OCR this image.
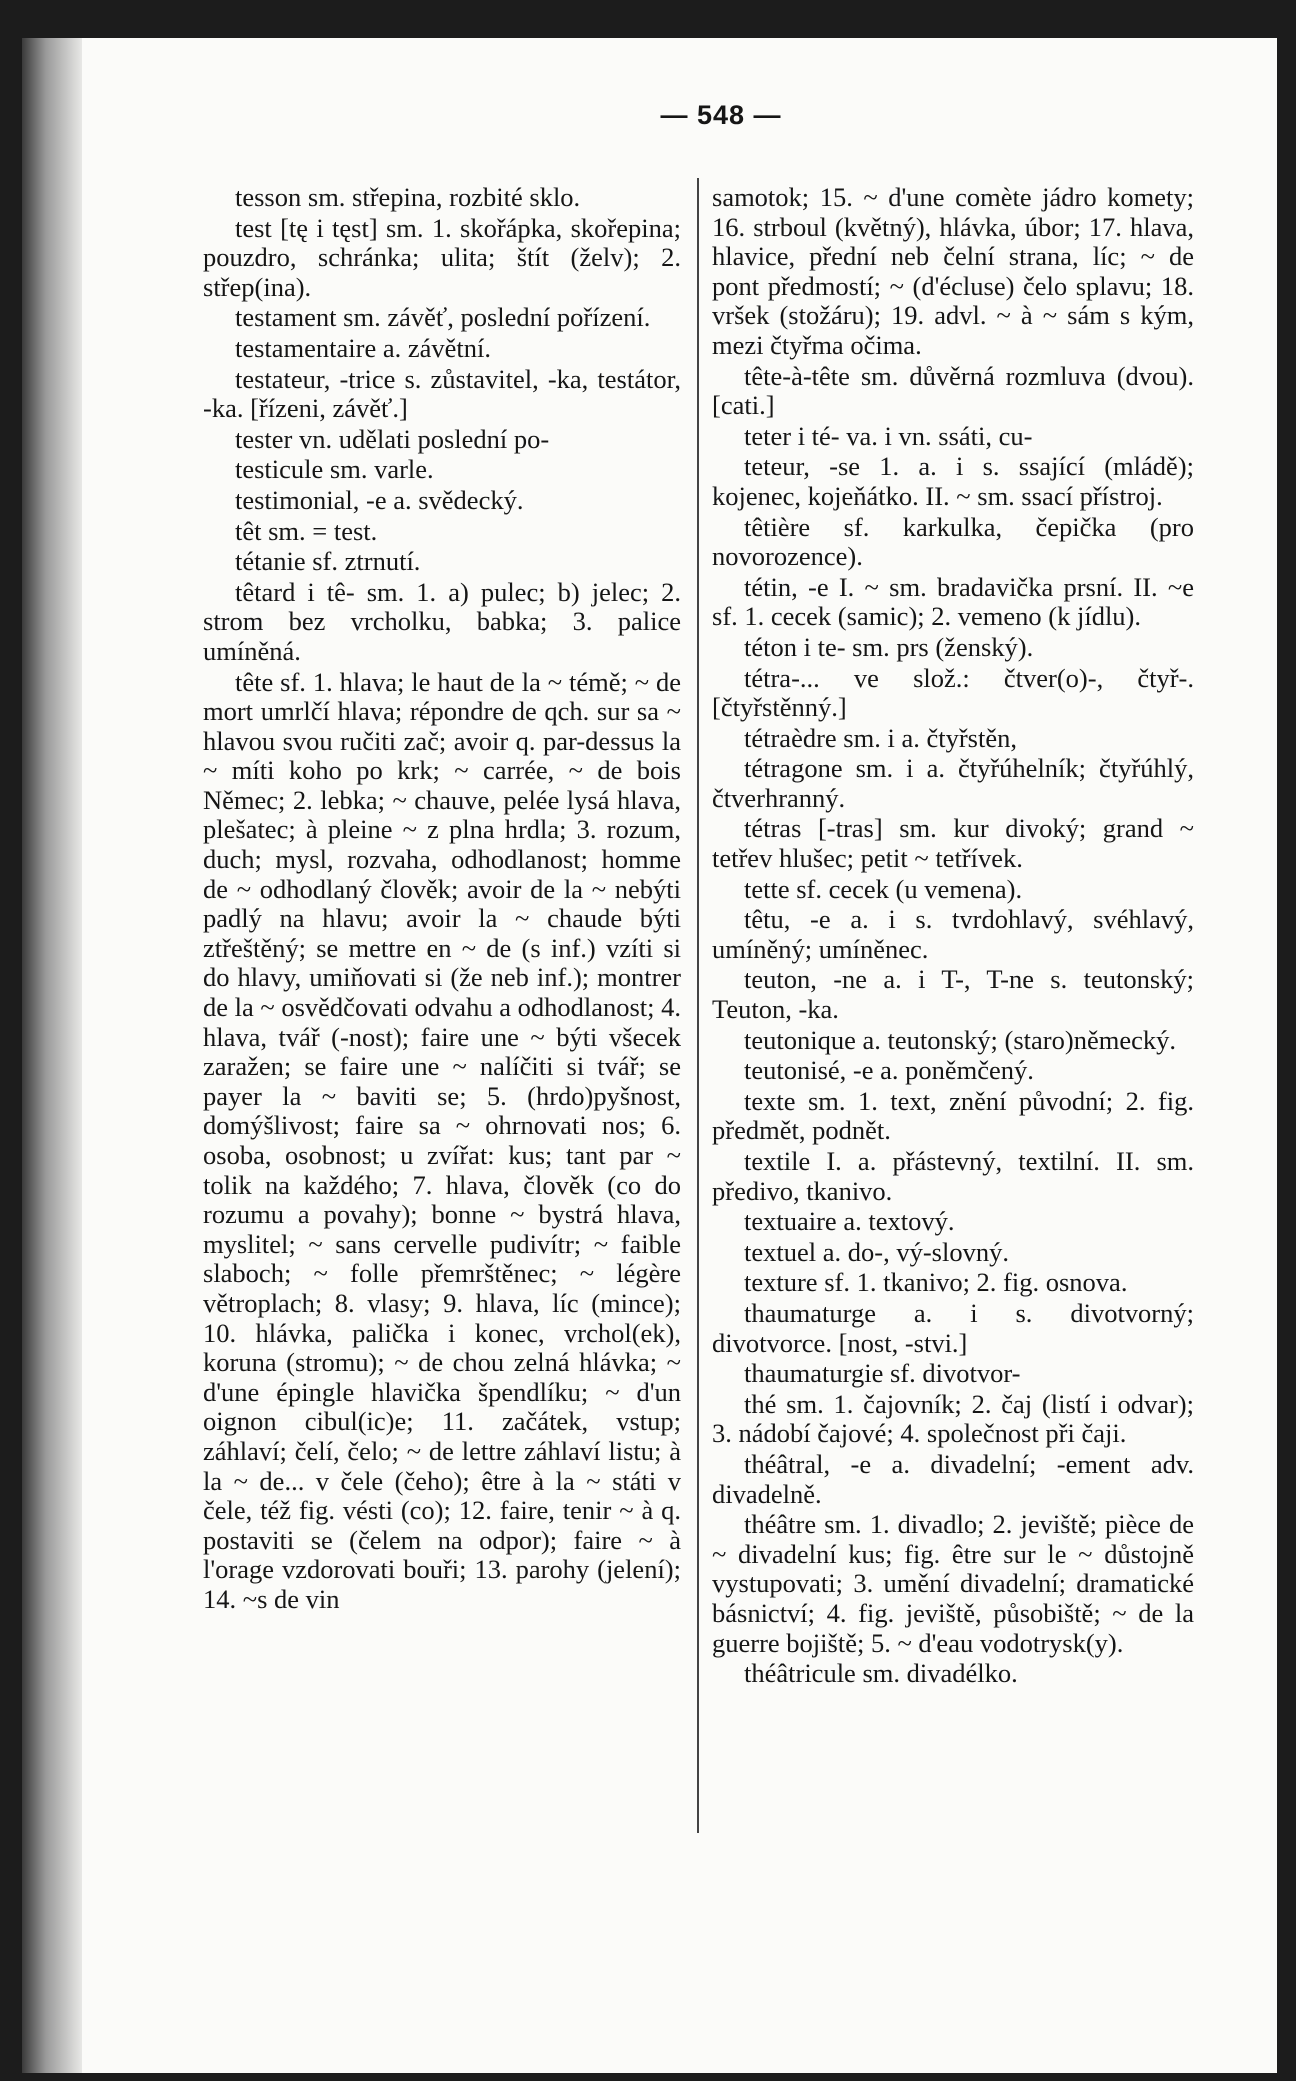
— 548 —

tesson sm. střepina, rozbité sklo.

test [tę i tęst] sm. 1. skořápka, skořepina; pouzdro, schránka; ulita; štít (želv); 2. střep(ina).

testament sm. závěť, poslední pořízení.

testamentaire a. závětní.

testateur, -trice s. zůstavitel, -ka, testátor, -ka. [řízeni, závěť.]

tester vn. udělati poslední po-

testicule sm. varle.

testimonial, -e a. svědecký.

têt sm. = test.

tétanie sf. ztrnutí.

têtard i tê- sm. 1. a) pulec; b) jelec; 2. strom bez vrcholku, babka; 3. palice umíněná.

tête sf. 1. hlava; le haut de la ~ témě; ~ de mort umrlčí hlava; répondre de qch. sur sa ~ hlavou svou ručiti zač; avoir q. par-dessus la ~ míti koho po krk; ~ carrée, ~ de bois Němec; 2. lebka; ~ chauve, pelée lysá hlava, plešatec; à pleine ~ z plna hrdla; 3. rozum, duch; mysl, rozvaha, odhodlanost; homme de ~ odhodlaný člověk; avoir de la ~ nebýti padlý na hlavu; avoir la ~ chaude býti ztřeštěný; se mettre en ~ de (s inf.) vzíti si do hlavy, umiňovati si (že neb inf.); montrer de la ~ osvědčovati odvahu a odhodlanost; 4. hlava, tvář (-nost); faire une ~ býti všecek zaražen; se faire une ~ nalíčiti si tvář; se payer la ~ baviti se; 5. (hrdo)pyšnost, domýšlivost; faire sa ~ ohrnovati nos; 6. osoba, osobnost; u zvířat: kus; tant par ~ tolik na každého; 7. hlava, člověk (co do rozumu a povahy); bonne ~ bystrá hlava, myslitel; ~ sans cervelle pudivítr; ~ faible slaboch; ~ folle přemrštěnec; ~ légère větroplach; 8. vlasy; 9. hlava, líc (mince); 10. hlávka, palička i konec, vrchol(ek), koruna (stromu); ~ de chou zelná hlávka; ~ d'une épingle hlavička špendlíku; ~ d'un oignon cibul(ic)e; 11. začátek, vstup; záhlaví; čelí, čelo; ~ de lettre záhlaví listu; à la ~ de... v čele (čeho); être à la ~ státi v čele, též fig. vésti (co); 12. faire, tenir ~ à q. postaviti se (čelem na odpor); faire ~ à l'orage vzdorovati bouři; 13. parohy (jelení); 14. ~s de vin

samotok; 15. ~ d'une comète jádro komety; 16. strboul (květný), hlávka, úbor; 17. hlava, hlavice, přední neb čelní strana, líc; ~ de pont předmostí; ~ (d'écluse) čelo splavu; 18. vršek (stožáru); 19. advl. ~ à ~ sám s kým, mezi čtyřma očima.

tête-à-tête sm. důvěrná rozmluva (dvou). [cati.]

teter i té- va. i vn. ssáti, cu-

teteur, -se 1. a. i s. ssající (mládě); kojenec, kojeňátko. II. ~ sm. ssací přístroj.

têtière sf. karkulka, čepička (pro novorozence).

tétin, -e I. ~ sm. bradavička prsní. II. ~e sf. 1. cecek (samic); 2. vemeno (k jídlu).

téton i te- sm. prs (ženský).

tétra-... ve slož.: čtver(o)-, čtyř-. [čtyřstěnný.]

tétraèdre sm. i a. čtyřstěn,

tétragone sm. i a. čtyřúhelník; čtyřúhlý, čtverhranný.

tétras [-tras] sm. kur divoký; grand ~ tetřev hlušec; petit ~ tetřívek.

tette sf. cecek (u vemena).

têtu, -e a. i s. tvrdohlavý, svéhlavý, umíněný; umíněnec.

teuton, -ne a. i T-, T-ne s. teutonský; Teuton, -ka.

teutonique a. teutonský; (staro)německý.

teutonisé, -e a. poněmčený.

texte sm. 1. text, znění původní; 2. fig. předmět, podnět.

textile I. a. přástevný, textilní. II. sm. předivo, tkanivo.

textuaire a. textový.

textuel a. do-, vý-slovný.

texture sf. 1. tkanivo; 2. fig. osnova.

thaumaturge a. i s. divotvorný; divotvorce. [nost, -stvi.]

thaumaturgie sf. divotvor-

thé sm. 1. čajovník; 2. čaj (listí i odvar); 3. nádobí čajové; 4. společnost při čaji.

théâtral, -e a. divadelní; -ement adv. divadelně.

théâtre sm. 1. divadlo; 2. jeviště; pièce de ~ divadelní kus; fig. être sur le ~ důstojně vystupovati; 3. umění divadelní; dramatické básnictví; 4. fig. jeviště, působiště; ~ de la guerre bojiště; 5. ~ d'eau vodotrysk(y).

théâtricule sm. divadélko.
